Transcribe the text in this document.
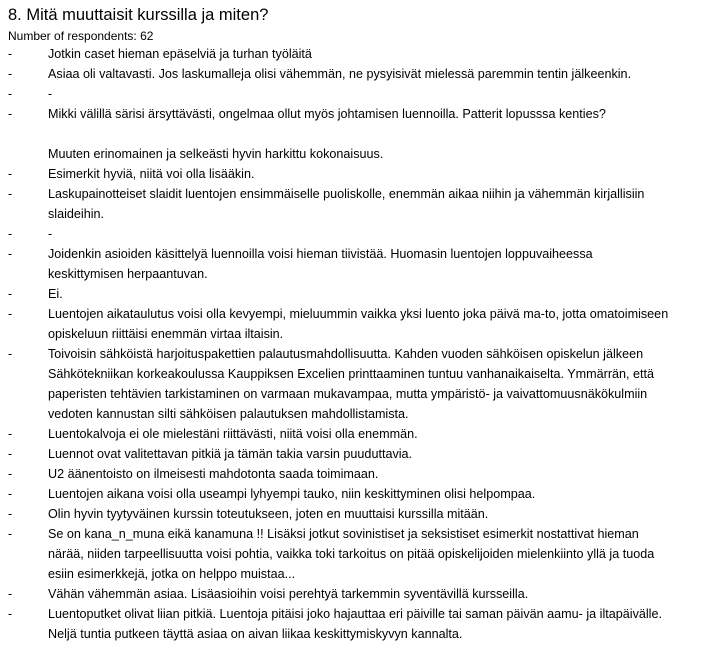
8. Mitä muuttaisit kurssilla ja miten?
Number of respondents: 62
-	Jotkin caset hieman epäselviä ja turhan työläitä
-	Asiaa oli valtavasti. Jos laskumalleja olisi vähemmän, ne pysyisivät mielessä paremmin tentin jälkeenkin.
-	-
-	Mikki välillä särisi ärsyttävästi, ongelmaa ollut myös johtamisen luennoilla. Patterit lopusssa kenties?
Muuten erinomainen ja selkeästi hyvin harkittu kokonaisuus.
-	Esimerkit hyviä, niitä voi olla lisääkin.
-	Laskupainotteiset slaidit luentojen ensimmäiselle puoliskolle, enemmän aikaa niihin ja vähemmän kirjallisiin
slaideihin.
-	-
-	Joidenkin asioiden käsittelyä luennoilla voisi hieman tiivistää. Huomasin luentojen loppuvaiheessa
keskittymisen herpaantuvan.
-	Ei.
-	Luentojen aikataulutus voisi olla kevyempi, mieluummin vaikka yksi luento joka päivä ma-to, jotta omatoimiseen
opiskeluun riittäisi enemmän virtaa iltaisin.
-	Toivoisin sähköistä harjoituspakettien palautusmahdollisuutta. Kahden vuoden sähköisen opiskelun jälkeen
Sähkötekniikan korkeakoulussa Kauppiksen Excelien printtaaminen tuntuu vanhanaikaiselta. Ymmärrän, että
paperisten tehtävien tarkistaminen on varmaan mukavampaa, mutta ympäristö- ja vaivattomuusnäkökulmiin
vedoten kannustan silti sähköisen palautuksen mahdollistamista.
-	Luentokalvoja ei ole mielestäni riittävästi, niitä voisi olla enemmän.
-	Luennot ovat valitettavan pitkiä ja tämän takia varsin puuduttavia.
-	U2 äänentoisto on ilmeisesti mahdotonta saada toimimaan.
-	Luentojen aikana voisi olla useampi lyhyempi tauko, niin keskittyminen olisi helpompaa.
-	Olin hyvin tyytyväinen kurssin toteutukseen, joten en muuttaisi kurssilla mitään.
-	Se on kana_n_muna eikä kanamuna !! Lisäksi jotkut sovinistiset ja seksistiset esimerkit nostattivat hieman
närää, niiden tarpeellisuutta voisi pohtia, vaikka toki tarkoitus on pitää opiskelijoiden mielenkiinto yllä ja tuoda
esiin esimerkkejä, jotka on helppo muistaa...
-	Vähän vähemmän asiaa. Lisäasioihin voisi perehtyä tarkemmin syventävillä kursseilla.
-	Luentoputket olivat liian pitkiä. Luentoja pitäisi joko hajauttaa eri päiville tai saman päivän aamu- ja iltapäivälle.
Neljä tuntia putkeen täyttä asiaa on aivan liikaa keskittymiskyvyn kannalta.
